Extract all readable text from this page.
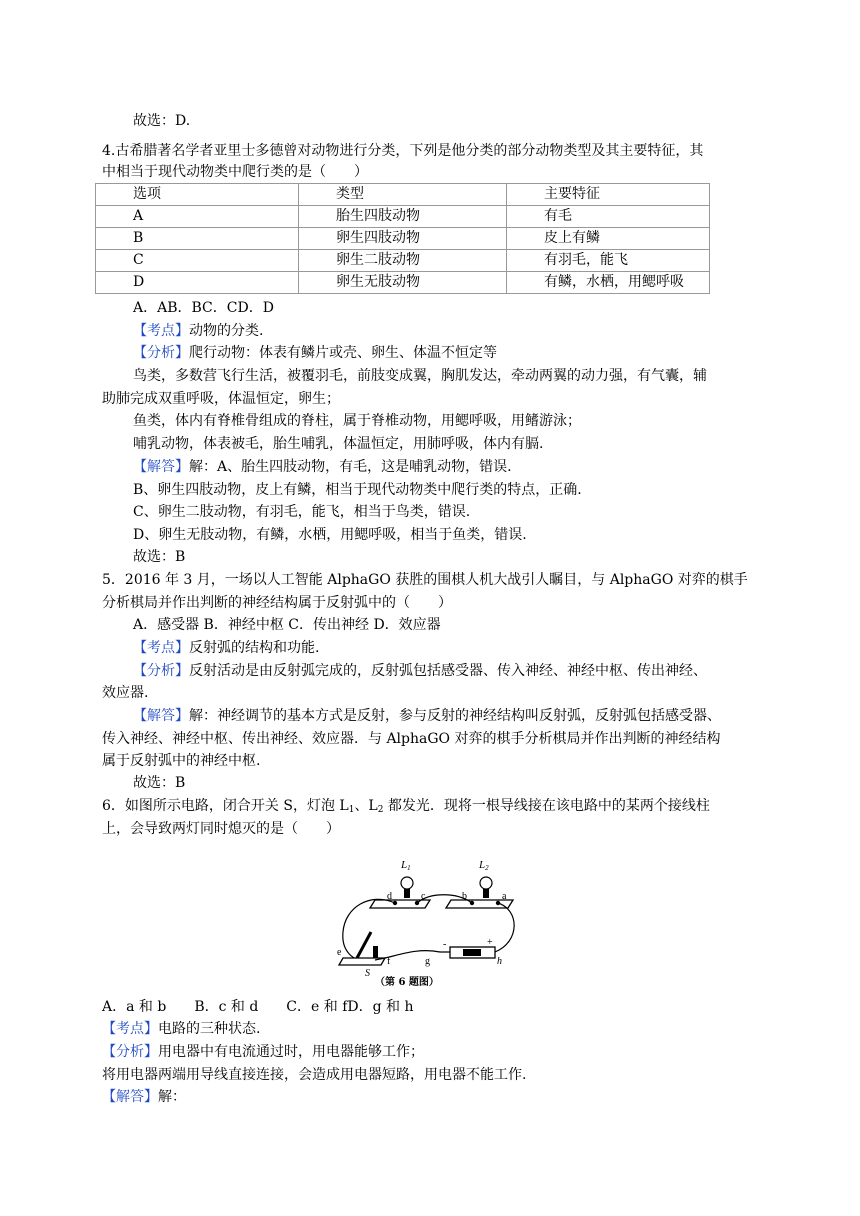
故选：D.
4.古希腊著名学者亚里士多德曾对动物进行分类，下列是他分类的部分动物类型及其主要特征，其
中相当于现代动物类中爬行类的是（　　）
选项	类型	主要特征
A	胎生四肢动物	有毛
B	卵生四肢动物	皮上有鳞
C	卵生二肢动物	有羽毛，能飞
D	卵生无肢动物	有鳞，水栖，用鳃呼吸
A．AB．BC．CD．D
【考点】动物的分类.
【分析】爬行动物：体表有鳞片或壳、卵生、体温不恒定等
鸟类，多数营飞行生活，被覆羽毛，前肢变成翼，胸肌发达，牵动两翼的动力强，有气囊，辅
助肺完成双重呼吸，体温恒定，卵生；
鱼类，体内有脊椎骨组成的脊柱，属于脊椎动物，用鳃呼吸，用鳍游泳；
哺乳动物，体表被毛，胎生哺乳，体温恒定，用肺呼吸，体内有膈.
【解答】解：A、胎生四肢动物，有毛，这是哺乳动物，错误.
B、卵生四肢动物，皮上有鳞，相当于现代动物类中爬行类的特点，正确.
C、卵生二肢动物，有羽毛，能飞，相当于鸟类，错误.
D、卵生无肢动物，有鳞，水栖，用鳃呼吸，相当于鱼类，错误.
故选：B
5．2016 年 3 月，一场以人工智能 AlphaGO 获胜的围棋人机大战引人瞩目，与 AlphaGO 对弈的棋手
分析棋局并作出判断的神经结构属于反射弧中的（　　）
A．感受器 B．神经中枢 C．传出神经 D．效应器
【考点】反射弧的结构和功能.
【分析】反射活动是由反射弧完成的，反射弧包括感受器、传入神经、神经中枢、传出神经、
效应器.
【解答】解：神经调节的基本方式是反射，参与反射的神经结构叫反射弧，反射弧包括感受器、
传入神经、神经中枢、传出神经、效应器．与 AlphaGO 对弈的棋手分析棋局并作出判断的神经结构
属于反射弧中的神经中枢.
故选：B
6．如图所示电路，闭合开关 S，灯泡 $L_1$、$L_2$ 都发光．现将一根导线接在该电路中的某两个接线柱
上，会导致两灯同时熄灭的是（　　）
L1	L2
d	c	b	a
e
f	g	h
-	+
S
（第 6 题图）
A．a 和 b　　B．c 和 d　　C．e 和 fD．g 和 h
【考点】电路的三种状态.
【分析】用电器中有电流通过时，用电器能够工作；
将用电器两端用导线直接连接，会造成用电器短路，用电器不能工作.
【解答】解：
